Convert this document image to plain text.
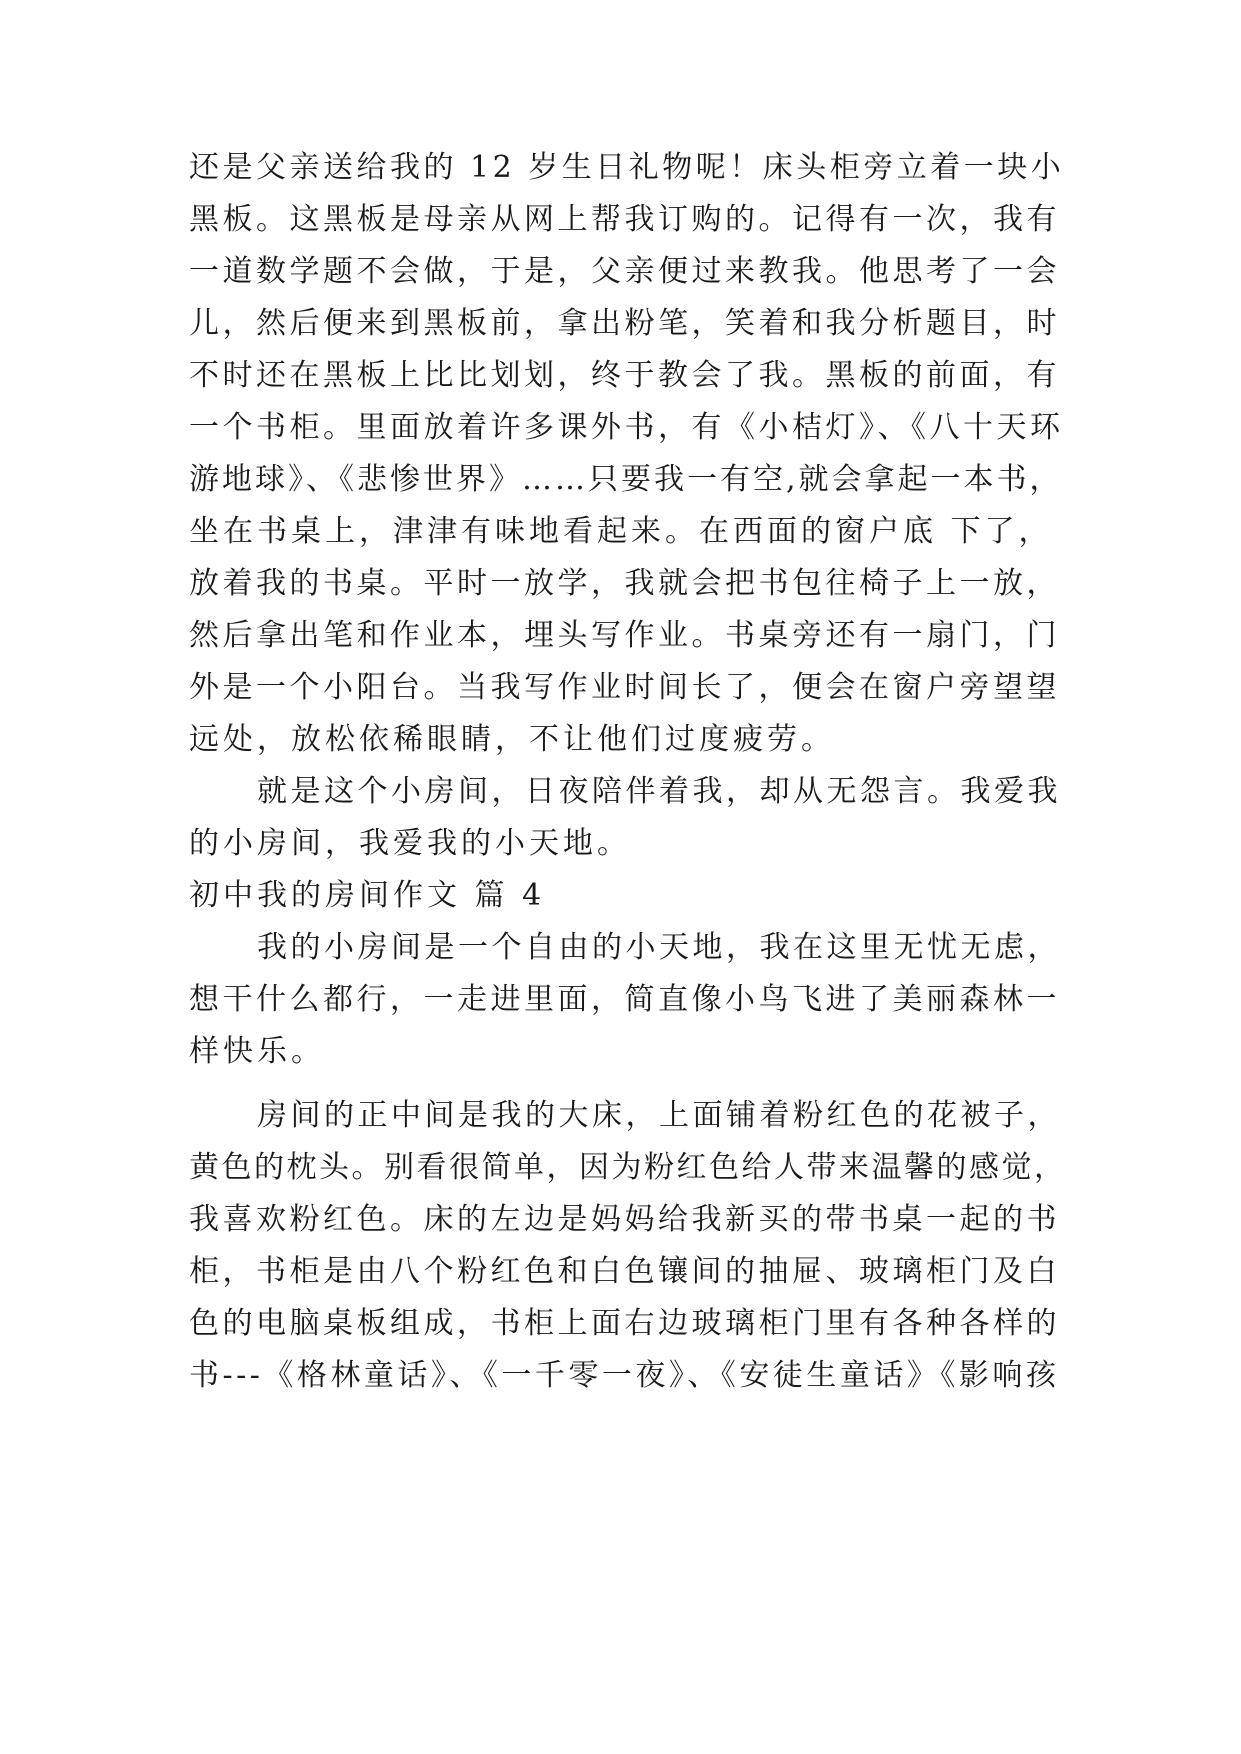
还是父亲送给我的 12 岁生日礼物呢！床头柜旁立着一块小
黑板。这黑板是母亲从网上帮我订购的。记得有一次，我有
一道数学题不会做，于是，父亲便过来教我。他思考了一会
儿，然后便来到黑板前，拿出粉笔，笑着和我分析题目，时
不时还在黑板上比比划划，终于教会了我。黑板的前面，有
一个书柜。里面放着许多课外书，有《小桔灯》、《八十天环
游地球》、《悲惨世界》……只要我一有空,就会拿起一本书，
坐在书桌上，津津有味地看起来。在西面的窗户底 下了，
放着我的书桌。平时一放学，我就会把书包往椅子上一放，
然后拿出笔和作业本，埋头写作业。书桌旁还有一扇门，门
外是一个小阳台。当我写作业时间长了，便会在窗户旁望望
远处，放松依稀眼睛，不让他们过度疲劳。
就是这个小房间，日夜陪伴着我，却从无怨言。我爱我
的小房间，我爱我的小天地。
初中我的房间作文 篇 4
我的小房间是一个自由的小天地，我在这里无忧无虑，
想干什么都行，一走进里面，简直像小鸟飞进了美丽森林一
样快乐。
房间的正中间是我的大床，上面铺着粉红色的花被子，
黄色的枕头。别看很简单，因为粉红色给人带来温馨的感觉，
我喜欢粉红色。床的左边是妈妈给我新买的带书桌一起的书
柜，书柜是由八个粉红色和白色镶间的抽屉、玻璃柜门及白
色的电脑桌板组成，书柜上面右边玻璃柜门里有各种各样的
书---《格林童话》、《一千零一夜》、《安徒生童话》《影响孩
